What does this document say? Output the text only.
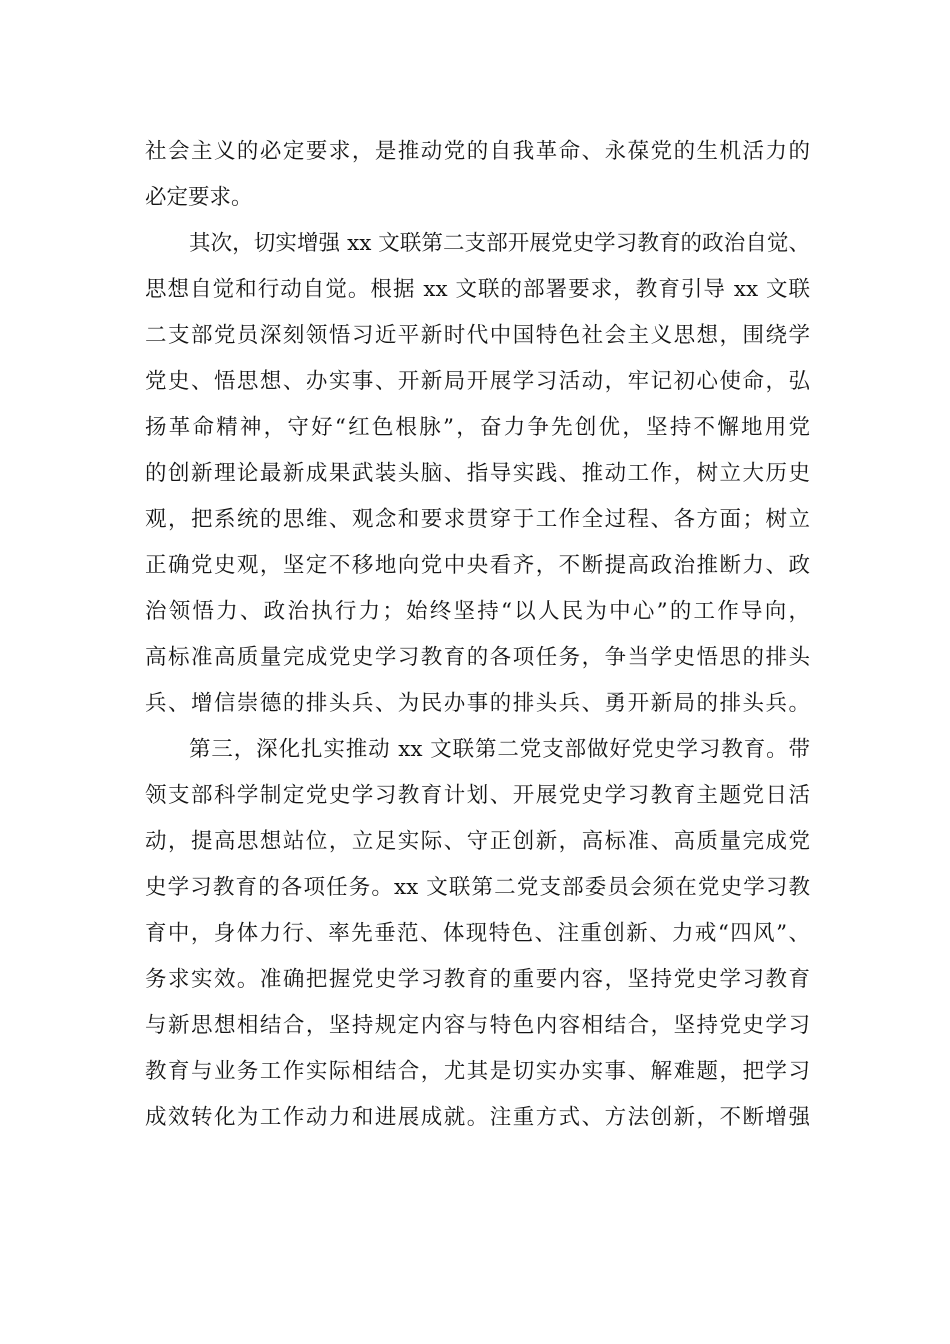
社会主义的必定要求，是推动党的自我革命、永葆党的生机活力的
必定要求。
其次，切实增强 xx 文联第二支部开展党史学习教育的政治自觉、
思想自觉和行动自觉。根据 xx 文联的部署要求，教育引导 xx 文联
二支部党员深刻领悟习近平新时代中国特色社会主义思想，围绕学
党史、悟思想、办实事、开新局开展学习活动，牢记初心使命，弘
扬革命精神，守好“红色根脉”，奋力争先创优，坚持不懈地用党
的创新理论最新成果武装头脑、指导实践、推动工作，树立大历史
观，把系统的思维、观念和要求贯穿于工作全过程、各方面；树立
正确党史观，坚定不移地向党中央看齐，不断提高政治推断力、政
治领悟力、政治执行力；始终坚持“以人民为中心”的工作导向，
高标准高质量完成党史学习教育的各项任务，争当学史悟思的排头
兵、增信崇德的排头兵、为民办事的排头兵、勇开新局的排头兵。
第三，深化扎实推动 xx 文联第二党支部做好党史学习教育。带
领支部科学制定党史学习教育计划、开展党史学习教育主题党日活
动，提高思想站位，立足实际、守正创新，高标准、高质量完成党
史学习教育的各项任务。xx 文联第二党支部委员会须在党史学习教
育中，身体力行、率先垂范、体现特色、注重创新、力戒“四风”、
务求实效。准确把握党史学习教育的重要内容，坚持党史学习教育
与新思想相结合，坚持规定内容与特色内容相结合，坚持党史学习
教育与业务工作实际相结合，尤其是切实办实事、解难题，把学习
成效转化为工作动力和进展成就。注重方式、方法创新，不断增强
